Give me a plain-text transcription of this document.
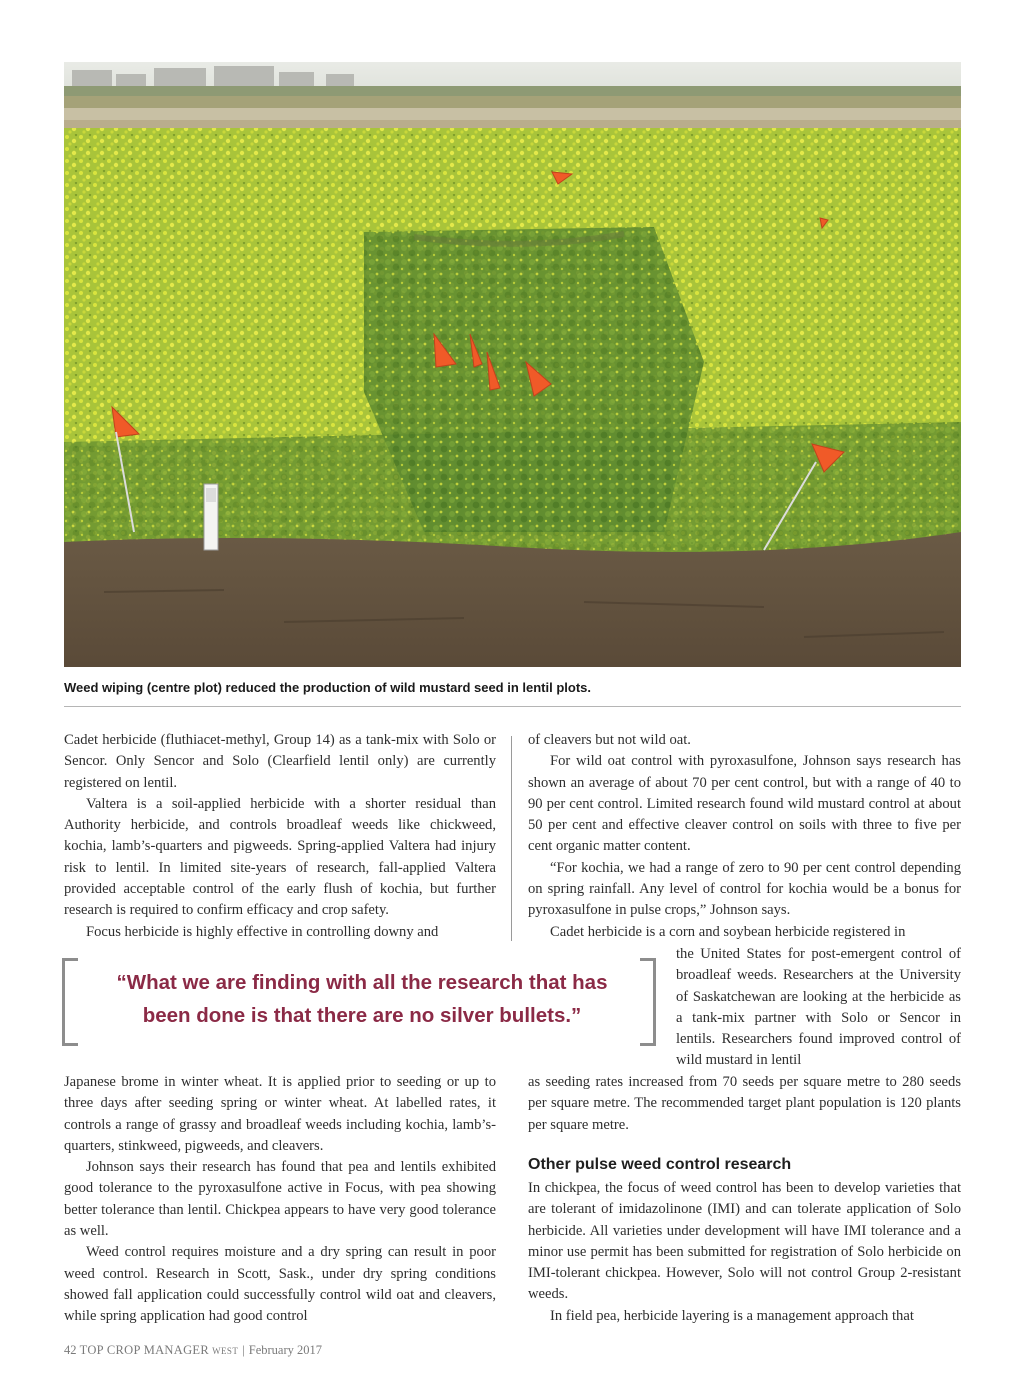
Weed wiping (centre plot) reduced the production of wild mustard seed in lentil plots.

Cadet herbicide (fluthiacet-methyl, Group 14) as a tank-mix with Solo or Sencor. Only Sencor and Solo (Clearfield lentil only) are currently registered on lentil.

Valtera is a soil-applied herbicide with a shorter residual than Authority herbicide, and controls broadleaf weeds like chickweed, kochia, lamb’s-quarters and pigweeds. Spring-applied Valtera had injury risk to lentil. In limited site-years of research, fall-applied Valtera provided acceptable control of the early flush of kochia, but further research is required to confirm efficacy and crop safety.

Focus herbicide is highly effective in controlling downy and

“What we are finding with all the research that has
been done is that there are no silver bullets.”

Japanese brome in winter wheat. It is applied prior to seeding or up to three days after seeding spring or winter wheat. At labelled rates, it controls a range of grassy and broadleaf weeds including kochia, lamb’s-quarters, stinkweed, pigweeds, and cleavers.

Johnson says their research has found that pea and lentils exhibited good tolerance to the pyroxasulfone active in Focus, with pea showing better tolerance than lentil. Chickpea appears to have very good tolerance as well.

Weed control requires moisture and a dry spring can result in poor weed control. Research in Scott, Sask., under dry spring conditions showed fall application could successfully control wild oat and cleavers, while spring application had good control

of cleavers but not wild oat.

For wild oat control with pyroxasulfone, Johnson says research has shown an average of about 70 per cent control, but with a range of 40 to 90 per cent control. Limited research found wild mustard control at about 50 per cent and effective cleaver control on soils with three to five per cent organic matter content.

“For kochia, we had a range of zero to 90 per cent control depending on spring rainfall. Any level of control for kochia would be a bonus for pyroxasulfone in pulse crops,” Johnson says.

Cadet herbicide is a corn and soybean herbicide registered in

the United States for post-emergent control of broadleaf weeds. Researchers at the University of Saskatchewan are looking at the herbicide as a tank-mix partner with Solo or Sencor in lentils. Researchers found improved control of wild mustard in lentil

as seeding rates increased from 70 seeds per square metre to 280 seeds per square metre. The recommended target plant population is 120 plants per square metre.

Other pulse weed control research

In chickpea, the focus of weed control has been to develop varieties that are tolerant of imidazolinone (IMI) and can tolerate application of Solo herbicide. All varieties under development will have IMI tolerance and a minor use permit has been submitted for registration of Solo herbicide on IMI-tolerant chickpea. However, Solo will not control Group 2-resistant weeds.

In field pea, herbicide layering is a management approach that

42 TOP CROP MANAGER WEST | February 2017
